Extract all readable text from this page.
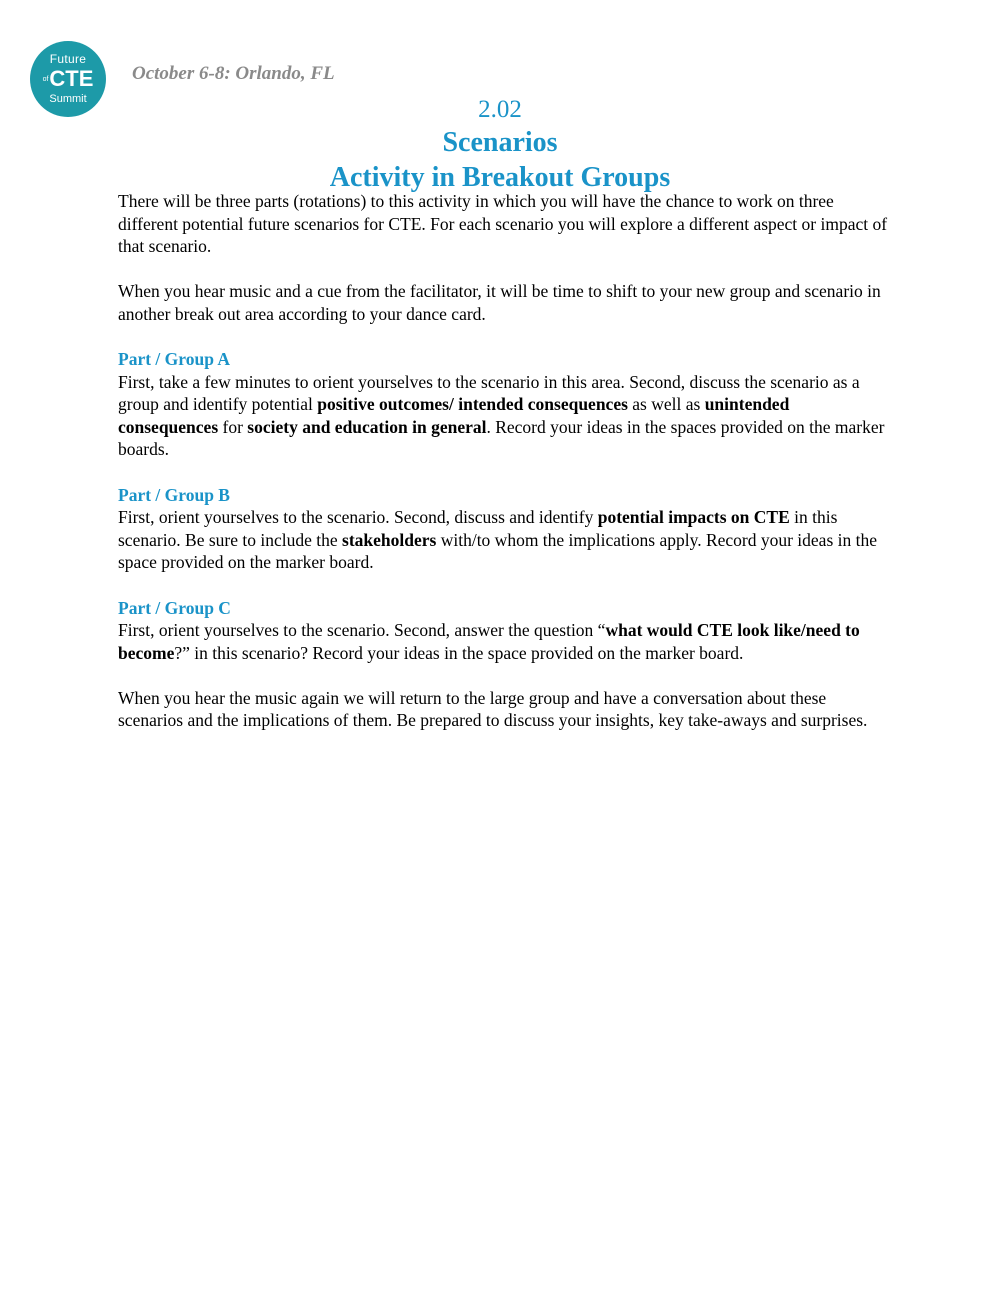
Future
ofCTE
Summit
October 6-8: Orlando, FL
2.02
Scenarios
Activity in Breakout Groups

There will be three parts (rotations) to this activity in which you will have the chance to work on three different potential future scenarios for CTE. For each scenario you will explore a different aspect or impact of that scenario.

When you hear music and a cue from the facilitator, it will be time to shift to your new group and scenario in another break out area according to your dance card.

Part / Group A

First, take a few minutes to orient yourselves to the scenario in this area. Second, discuss the scenario as a group and identify potential positive outcomes/ intended consequences as well as unintended consequences for society and education in general. Record your ideas in the spaces provided on the marker boards.

Part / Group B

First, orient yourselves to the scenario. Second, discuss and identify potential impacts on CTE in this scenario. Be sure to include the stakeholders with/to whom the implications apply. Record your ideas in the space provided on the marker board.

Part / Group C

First, orient yourselves to the scenario. Second, answer the question “what would CTE look like/need to become?” in this scenario? Record your ideas in the space provided on the marker board.

When you hear the music again we will return to the large group and have a conversation about these scenarios and the implications of them. Be prepared to discuss your insights, key take-aways and surprises.
